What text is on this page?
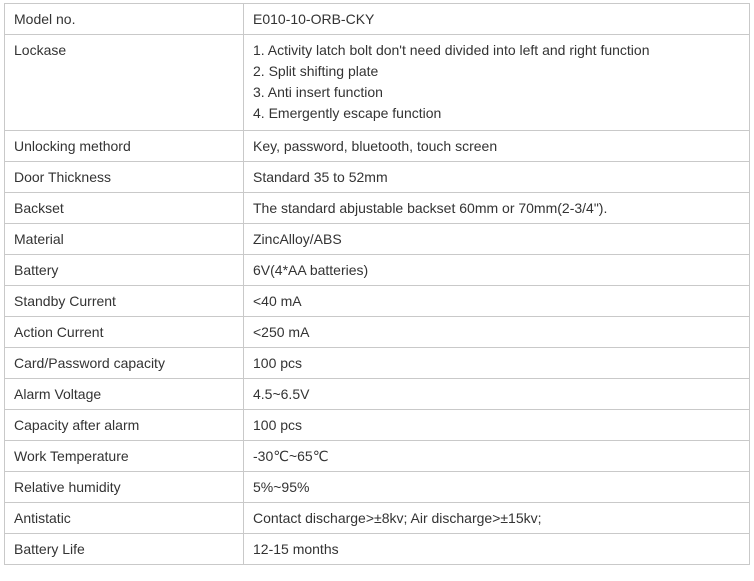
Model no.	E010-10-ORB-CKY
Lockase	1. Activity latch bolt don't need divided into left and right function
2. Split shifting plate
3. Anti insert function
4. Emergently escape function

Unlocking methord	Key, password, bluetooth, touch screen
Door Thickness	Standard 35 to 52mm
Backset	The standard abjustable backset 60mm or 70mm(2-3/4").
Material	ZincAlloy/ABS
Battery	6V(4*AA batteries)
Standby Current	<40 mA
Action Current	<250 mA
Card/Password capacity	100 pcs
Alarm Voltage	4.5~6.5V
Capacity after alarm	100 pcs
Work Temperature	-30℃~65℃
Relative humidity	5%~95%
Antistatic	Contact discharge>±8kv; Air discharge>±15kv;
Battery Life	12-15 months
